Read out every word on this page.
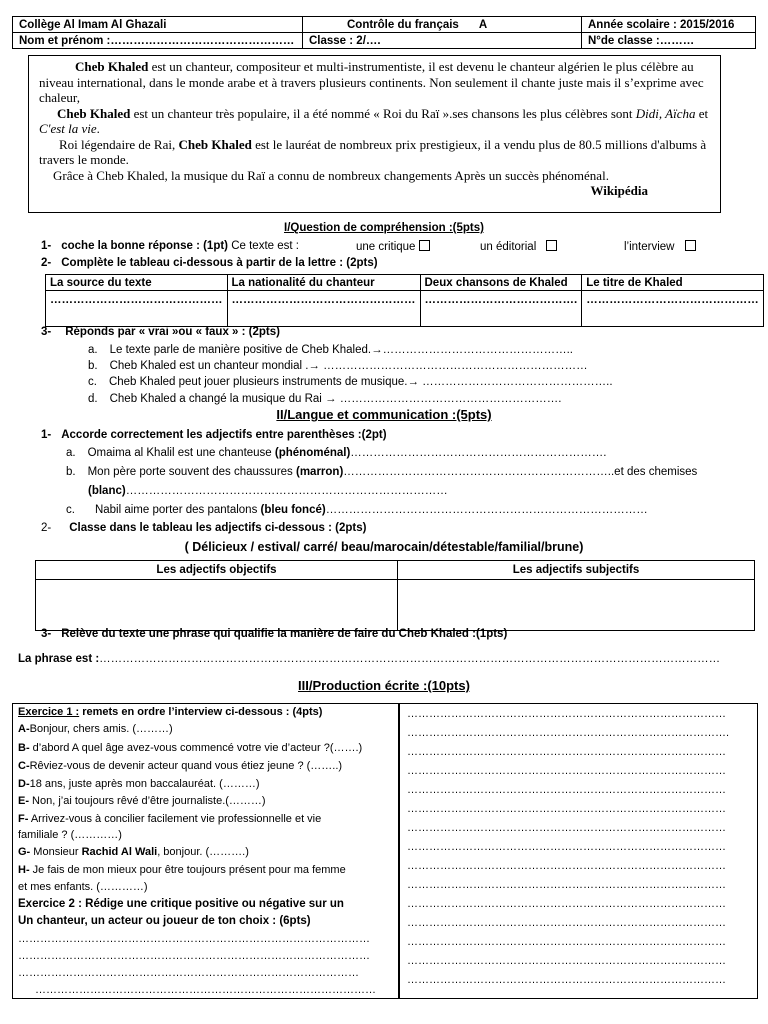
Collège Al Imam Al Ghazali	Contrôle du français A	Année scolaire : 2015/2016
Nom et prénom :…………………………………………	Classe : 2/….	N°de classe :………

Cheb Khaled est un chanteur, compositeur et multi-instrumentiste, il est devenu le chanteur algérien le plus célèbre au niveau international, dans le monde arabe et à travers plusieurs continents. Non seulement il chante juste mais il s’exprime avec chaleur,

Cheb Khaled est un chanteur très populaire, il a été nommé « Roi du Raï ».ses chansons les plus célèbres sont Didi, Aïcha et C'est la vie.

Roi légendaire de Rai, Cheb Khaled est le lauréat de nombreux prix prestigieux, il a vendu plus de 80.5 millions d'albums à travers le monde.

Grâce à Cheb Khaled, la musique du Raï a connu de nombreux changements Après un succès phénoménal.

Wikipédia

I/Question de compréhension :(5pts)
1- coche la bonne réponse : (1pt) Ce texte est :	une critique	un éditorial	l’interview
2- Complète le tableau ci-dessous à partir de la lettre : (2pts)
La source du texte	La nationalité du chanteur	Deux chansons de Khaled	Le titre de Khaled
………………………………………	…………………………………………	………………………………….	………………………………………
3- Réponds par « vrai »ou « faux » : (2pts)
a. Le texte parle de manière positive de Cheb Khaled.→…………………………………………..
b. Cheb Khaled est un chanteur mondial .→ ……………………………………………………………
c. Cheb Khaled peut jouer plusieurs instruments de musique.→ …………………………………………..
d. Cheb Khaled a changé la musique du Rai → ………………………………………………….
II/Langue et communication :(5pts)
1- Accorde correctement les adjectifs entre parenthèses :(2pt)
a. Omaima al Khalil est une chanteuse (phénoménal)………………………………………………………….
b. Mon père porte souvent des chaussures (marron)……………………………………………………………..et des chemises
(blanc)…………………………………………………………………………
c. Nabil aime porter des pantalons (bleu foncé)…………………………………………………………………………
2- Classe dans le tableau les adjectifs ci-dessous : (2pts)
( Délicieux / estival/ carré/ beau/marocain/détestable/familial/brune)
Les adjectifs objectifs	Les adjectifs subjectifs

3- Relève du texte une phrase qui qualifie la manière de faire du Cheb Khaled :(1pts)
La phrase est :………………………………………………………………………………………………………………………………………………
III/Production écrite :(10pts)
Exercice 1 : remets en ordre l’interview ci-dessous : (4pts)
A-Bonjour, chers amis. (………)
B- d’abord A quel âge avez-vous commencé votre vie d’acteur ?(…….)
C-Rêviez-vous de devenir acteur quand vous étiez jeune ? (……..)
D-18 ans, juste après mon baccalauréat. (………)
E- Non, j’ai toujours rêvé d’être journaliste.(………)
F- Arrivez-vous à concilier facilement vie professionnelle et vie
familiale ? (…………)
G- Monsieur Rachid Al Wali, bonjour. (……….)
H- Je fais de mon mieux pour être toujours présent pour ma femme
et mes enfants. (…………)
Exercice 2 : Rédige une critique positive ou négative sur un
Un chanteur, un acteur ou joueur de ton choix : (6pts)
……………………………………………………………………………………
……………………………………………………………………………………
…………………………………………………………………………………
…………………………………………………………………………………
……………………………………………………………………………
…………………………………………………………………………….
……………………………………………………………………………
……………………………………………………………………………
……………………………………………………………………………
……………………………………………………………………………
……………………………………………………………………………
……………………………………………………………………………
……………………………………………………………………………
……………………………………………………………………………
……………………………………………………………………………
……………………………………………………………………………
……………………………………………………………………………
……………………………………………………………………………
……………………………………………………………………………
